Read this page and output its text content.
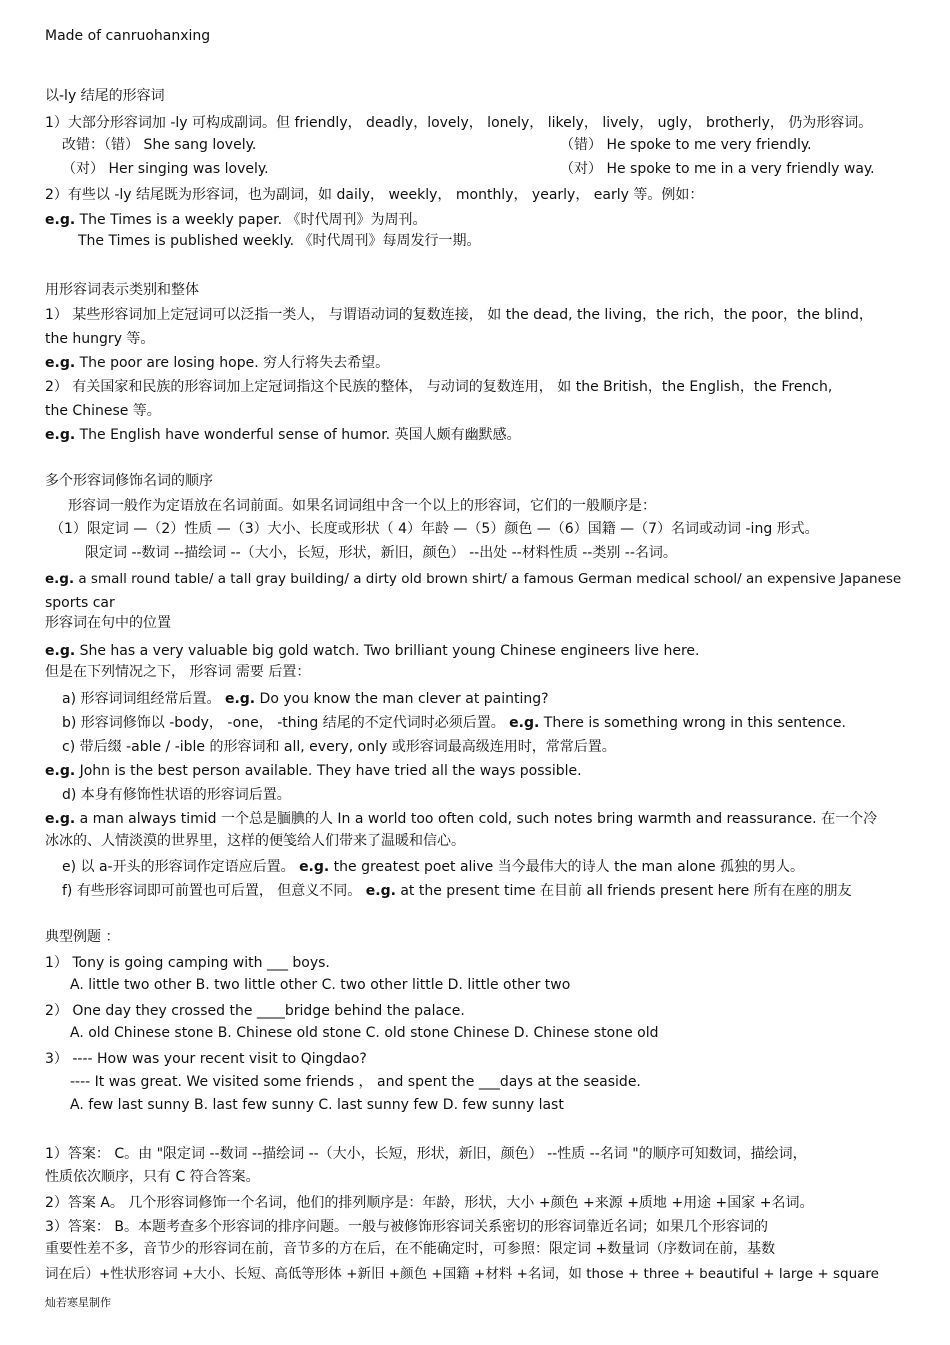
Made of canruohanxing
以-ly 结尾的形容词
1）大部分形容词加 -ly 可构成副词。但 friendly， deadly，lovely， lonely， likely， lively， ugly， brotherly， 仍为形容词。
改错：（错） She sang lovely.	（错） He spoke to me very friendly.
（对） Her singing was lovely.	（对） He spoke to me in a very friendly way.
2）有些以 -ly 结尾既为形容词，也为副词，如 daily， weekly， monthly， yearly， early 等。例如：
e.g. The Times is a weekly paper. 《时代周刊》为周刊。
The Times is published weekly. 《时代周刊》每周发行一期。
用形容词表示类别和整体
1） 某些形容词加上定冠词可以泛指一类人， 与谓语动词的复数连接， 如 the dead, the living，the rich，the poor，the blind，
the hungry 等。
e.g. The poor are losing hope. 穷人行将失去希望。
2） 有关国家和民族的形容词加上定冠词指这个民族的整体， 与动词的复数连用， 如 the British，the English，the French,
the Chinese 等。
e.g. The English have wonderful sense of humor. 英国人颇有幽默感。
多个形容词修饰名词的顺序
形容词一般作为定语放在名词前面。如果名词词组中含一个以上的形容词，它们的一般顺序是：
（1）限定词 —（2）性质 —（3）大小、长度或形状（ 4）年龄 —（5）颜色 —（6）国籍 —（7）名词或动词 -ing 形式。
限定词 --数词 --描绘词 --（大小，长短，形状，新旧，颜色） --出处 --材料性质 --类别 --名词。
e.g. a small round table/ a tall gray building/ a dirty old brown shirt/ a famous German medical school/ an expensive Japanese
sports car
形容词在句中的位置
e.g. She has a very valuable big gold watch. Two brilliant young Chinese engineers live here.
但是在下列情况之下， 形容词 需要 后置：
a) 形容词词组经常后置。 e.g. Do you know the man clever at painting?
b) 形容词修饰以 -body， -one， -thing 结尾的不定代词时必须后置。 e.g. There is something wrong in this sentence.
c) 带后缀 -able / -ible 的形容词和 all, every, only 或形容词最高级连用时，常常后置。
e.g. John is the best person available. They have tried all the ways possible.
d) 本身有修饰性状语的形容词后置。
e.g. a man always timid 一个总是腼腆的人 In a world too often cold, such notes bring warmth and reassurance. 在一个冷
冰冰的、人情淡漠的世界里，这样的便笺给人们带来了温暖和信心。
e) 以 a-开头的形容词作定语应后置。 e.g. the greatest poet alive 当今最伟大的诗人 the man alone 孤独的男人。
f) 有些形容词即可前置也可后置， 但意义不同。 e.g. at the present time 在目前 all friends present here 所有在座的朋友
典型例题 ：
1） Tony is going camping with ___ boys.
A. little two other B. two little other C. two other little D. little other two
2） One day they crossed the ____bridge behind the palace.
A. old Chinese stone B. Chinese old stone C. old stone Chinese D. Chinese stone old
3） ---- How was your recent visit to Qingdao?
---- It was great. We visited some friends ， and spent the ___days at the seaside.
A. few last sunny B. last few sunny C. last sunny few D. few sunny last
1）答案： C。由 "限定词 --数词 --描绘词 --（大小，长短，形状，新旧，颜色） --性质 --名词 "的顺序可知数词，描绘词，
性质依次顺序，只有 C 符合答案。
2）答案 A。 几个形容词修饰一个名词，他们的排列顺序是：年龄，形状，大小 +颜色 +来源 +质地 +用途 +国家 +名词。
3）答案： B。本题考查多个形容词的排序问题。一般与被修饰形容词关系密切的形容词靠近名词；如果几个形容词的
重要性差不多，音节少的形容词在前，音节多的方在后，在不能确定时，可参照：限定词 +数量词（序数词在前，基数
词在后）+性状形容词 +大小、长短、高低等形体 +新旧 +颜色 +国籍 +材料 +名词，如 those + three + beautiful + large + square
灿若寒星制作
